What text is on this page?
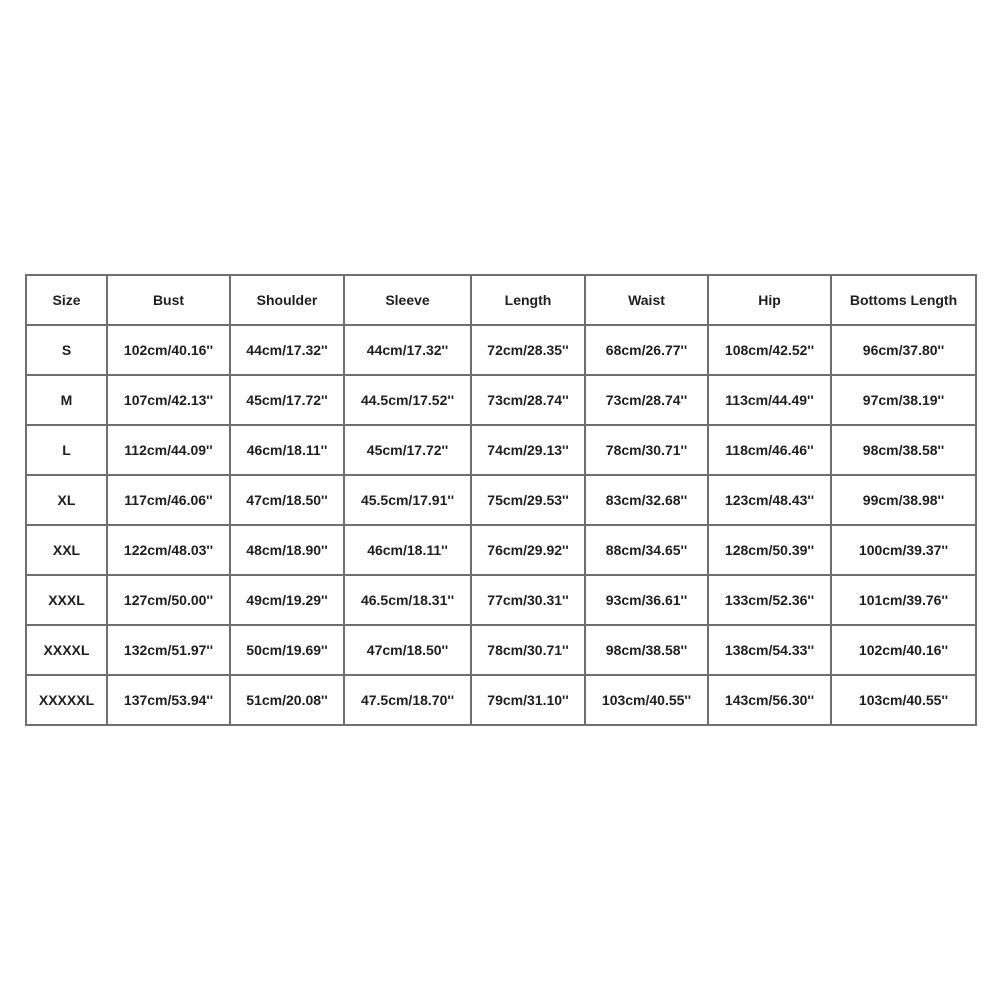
Size	Bust	Shoulder	Sleeve	Length	Waist	Hip	Bottoms Length
S	102cm/40.16''	44cm/17.32''	44cm/17.32''	72cm/28.35''	68cm/26.77''	108cm/42.52''	96cm/37.80''
M	107cm/42.13''	45cm/17.72''	44.5cm/17.52''	73cm/28.74''	73cm/28.74''	113cm/44.49''	97cm/38.19''
L	112cm/44.09''	46cm/18.11''	45cm/17.72''	74cm/29.13''	78cm/30.71''	118cm/46.46''	98cm/38.58''
XL	117cm/46.06''	47cm/18.50''	45.5cm/17.91''	75cm/29.53''	83cm/32.68''	123cm/48.43''	99cm/38.98''
XXL	122cm/48.03''	48cm/18.90''	46cm/18.11''	76cm/29.92''	88cm/34.65''	128cm/50.39''	100cm/39.37''
XXXL	127cm/50.00''	49cm/19.29''	46.5cm/18.31''	77cm/30.31''	93cm/36.61''	133cm/52.36''	101cm/39.76''
XXXXL	132cm/51.97''	50cm/19.69''	47cm/18.50''	78cm/30.71''	98cm/38.58''	138cm/54.33''	102cm/40.16''
XXXXXL	137cm/53.94''	51cm/20.08''	47.5cm/18.70''	79cm/31.10''	103cm/40.55''	143cm/56.30''	103cm/40.55''
